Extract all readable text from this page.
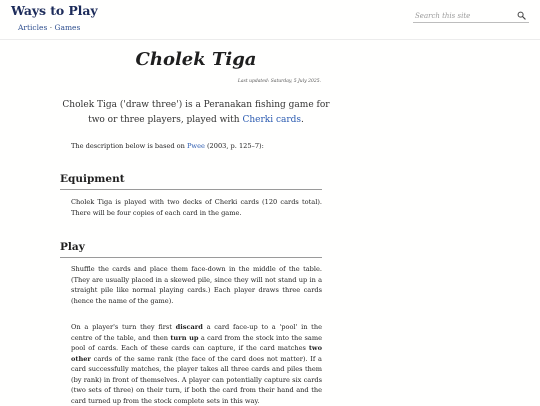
Ways to Play
Articles · Games
Search this site
Cholek Tiga
Last updated: Saturday, 5 July 2025.

Cholek Tiga ('draw three') is a Peranakan fishing game for two or three players, played with Cherki cards.

The description below is based on Pwee (2003, p. 125–7):

Equipment

Cholek Tiga is played with two decks of Cherki cards (120 cards total). There will be four copies of each card in the game.

Play

Shuffle the cards and place them face-down in the middle of the table. (They are usually placed in a skewed pile, since they will not stand up in a straight pile like normal playing cards.) Each player draws three cards (hence the name of the game).

On a player's turn they first discard a card face-up to a 'pool' in the centre of the table, and then turn up a card from the stock into the same pool of cards. Each of these cards can capture, if the card matches two other cards of the same rank (the face of the card does not matter). If a card successfully matches, the player takes all three cards and piles them (by rank) in front of themselves. A player can potentially capture six cards (two sets of three) on their turn, if both the card from their hand and the card turned up from the stock complete sets in this way.
